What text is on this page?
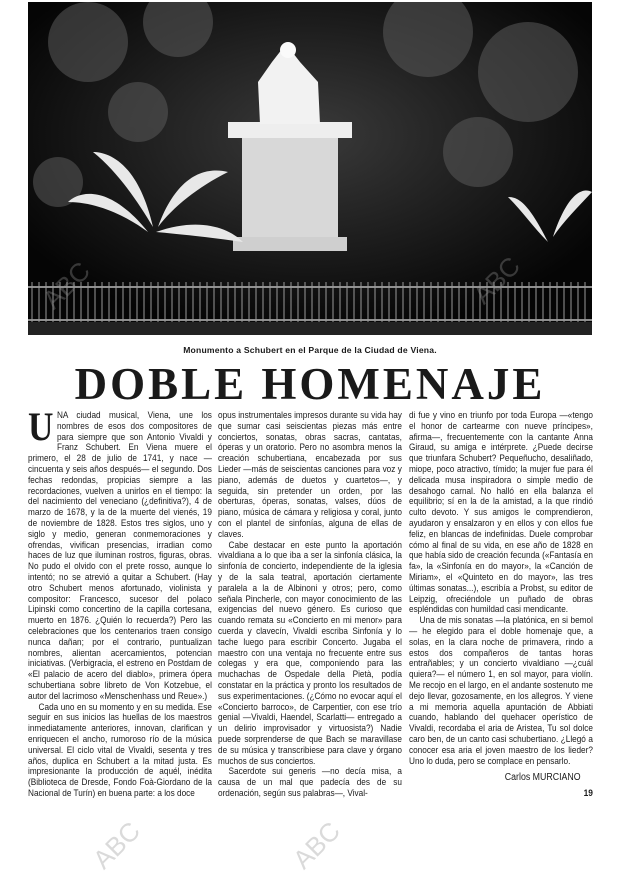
Monumento a Schubert en el Parque de la Ciudad de Viena.
DOBLE HOMENAJE

UNA ciudad musical, Viena, une los nombres de esos dos compositores de para siempre que son Antonio Vivaldi y Franz Schubert. En Viena muere el primero, el 28 de julio de 1741, y nace —cincuenta y seis años después— el segundo. Dos fechas redondas, propicias siempre a las recordaciones, vuelven a unirlos en el tiempo: la del nacimiento del veneciano (¿definitiva?), 4 de marzo de 1678, y la de la muerte del vienés, 19 de noviembre de 1828. Estos tres siglos, uno y siglo y medio, generan conmemoraciones y ofrendas, vivifican presencias, irradian como haces de luz que iluminan rostros, figuras, obras. No pudo el olvido con el prete rosso, aunque lo intentó; no se atrevió a quitar a Schubert. (Hay otro Schubert menos afortunado, violinista y compositor: Francesco, sucesor del polaco Lipinski como concertino de la capilla cortesana, muerto en 1876. ¿Quién lo recuerda?) Pero las celebraciones que los centenarios traen consigo nunca dañan; por el contrario, puntualizan nombres, alientan acercamientos, potencian iniciativas. (Verbigracia, el estreno en Postdam de «El palacio de acero del diablo», primera ópera schubertiana sobre libreto de Von Kotzebue, el autor del lacrimoso «Menschenhass und Reue».)

Cada uno en su momento y en su medida. Ese seguir en sus inicios las huellas de los maestros inmediatamente anteriores, innovan, clarifican y enriquecen el ancho, rumoroso río de la música universal. El ciclo vital de Vivaldi, sesenta y tres años, duplica en Schubert a la mitad justa. Es impresionante la producción de aquél, inédita (Biblioteca de Dresde, Fondo Foà-Giordano de la Nacional de Turín) en buena parte: a los doce

opus instrumentales impresos durante su vida hay que sumar casi seiscientas piezas más entre conciertos, sonatas, obras sacras, cantatas, óperas y un oratorio. Pero no asombra menos la creación schubertiana, encabezada por sus Lieder —más de seiscientas canciones para voz y piano, además de duetos y cuartetos—, y seguida, sin pretender un orden, por las oberturas, óperas, sonatas, valses, dúos de piano, música de cámara y religiosa y coral, junto con el plantel de sinfonías, alguna de ellas de claves.

Cabe destacar en este punto la aportación vivaldiana a lo que iba a ser la sinfonía clásica, la sinfonía de concierto, independiente de la iglesia y de la sala teatral, aportación ciertamente paralela a la de Albinoni y otros; pero, como señala Pincherle, con mayor conocimiento de las exigencias del nuevo género. Es curioso que cuando remata su «Concierto en mi menor» para cuerda y clavecín, Vivaldi escriba Sinfonía y lo tache luego para escribir Concerto. Jugaba el maestro con una ventaja no frecuente entre sus colegas y era que, componiendo para las muchachas de Ospedale della Pietà, podía constatar en la práctica y pronto los resultados de sus experimentaciones. (¿Cómo no evocar aquí el «Concierto barroco», de Carpentier, con ese trío genial —Vivaldi, Haendel, Scarlatti— entregado a un delirio improvisador y virtuosista?) Nadie puede sorprenderse de que Bach se maravillase de su música y transcribiese para clave y órgano muchos de sus conciertos.

Sacerdote sui generis —no decía misa, a causa de un mal que padecía des de su ordenación, según sus palabras—, Vival-

di fue y vino en triunfo por toda Europa —«tengo el honor de cartearme con nueve príncipes», afirma—, frecuentemente con la cantante Anna Giraud, su amiga e intérprete. ¿Puede decirse que triunfara Schubert? Pequeñucho, desaliñado, miope, poco atractivo, tímido; la mujer fue para él delicada musa inspiradora o simple medio de desahogo carnal. No halló en ella balanza el equilibrio; sí en la de la amistad, a la que rindió culto devoto. Y sus amigos le comprendieron, ayudaron y ensalzaron y en ellos y con ellos fue feliz, en blancas de indefinidas. Duele comprobar cómo al final de su vida, en ese año de 1828 en que había sido de creación fecunda («Fantasía en fa», la «Sinfonía en do mayor», la «Canción de Miriam», el «Quinteto en do mayor», las tres últimas sonatas...), escribía a Probst, su editor de Leipzig, ofreciéndole un puñado de obras espléndidas con humildad casi mendicante.

Una de mis sonatas —la platónica, en si bemol— he elegido para el doble homenaje que, a solas, en la clara noche de primavera, rindo a estos dos compañeros de tantas horas entrañables; y un concierto vivaldiano —¿cuál quiera?— el número 1, en sol mayor, para violín. Me recojo en el largo, en el andante sostenuto me dejo llevar, gozosamente, en los allegros. Y viene a mi memoria aquella apuntación de Abbiati cuando, hablando del quehacer operístico de Vivaldi, recordaba el aria de Aristea, Tu sol dolce caro ben, de un canto casi schubertiano. ¿Llegó a conocer esa aria el joven maestro de los lieder? Uno lo duda, pero se complace en pensarlo.

Carlos MURCIANO
19
ABC	ABC
ABC	ABC
